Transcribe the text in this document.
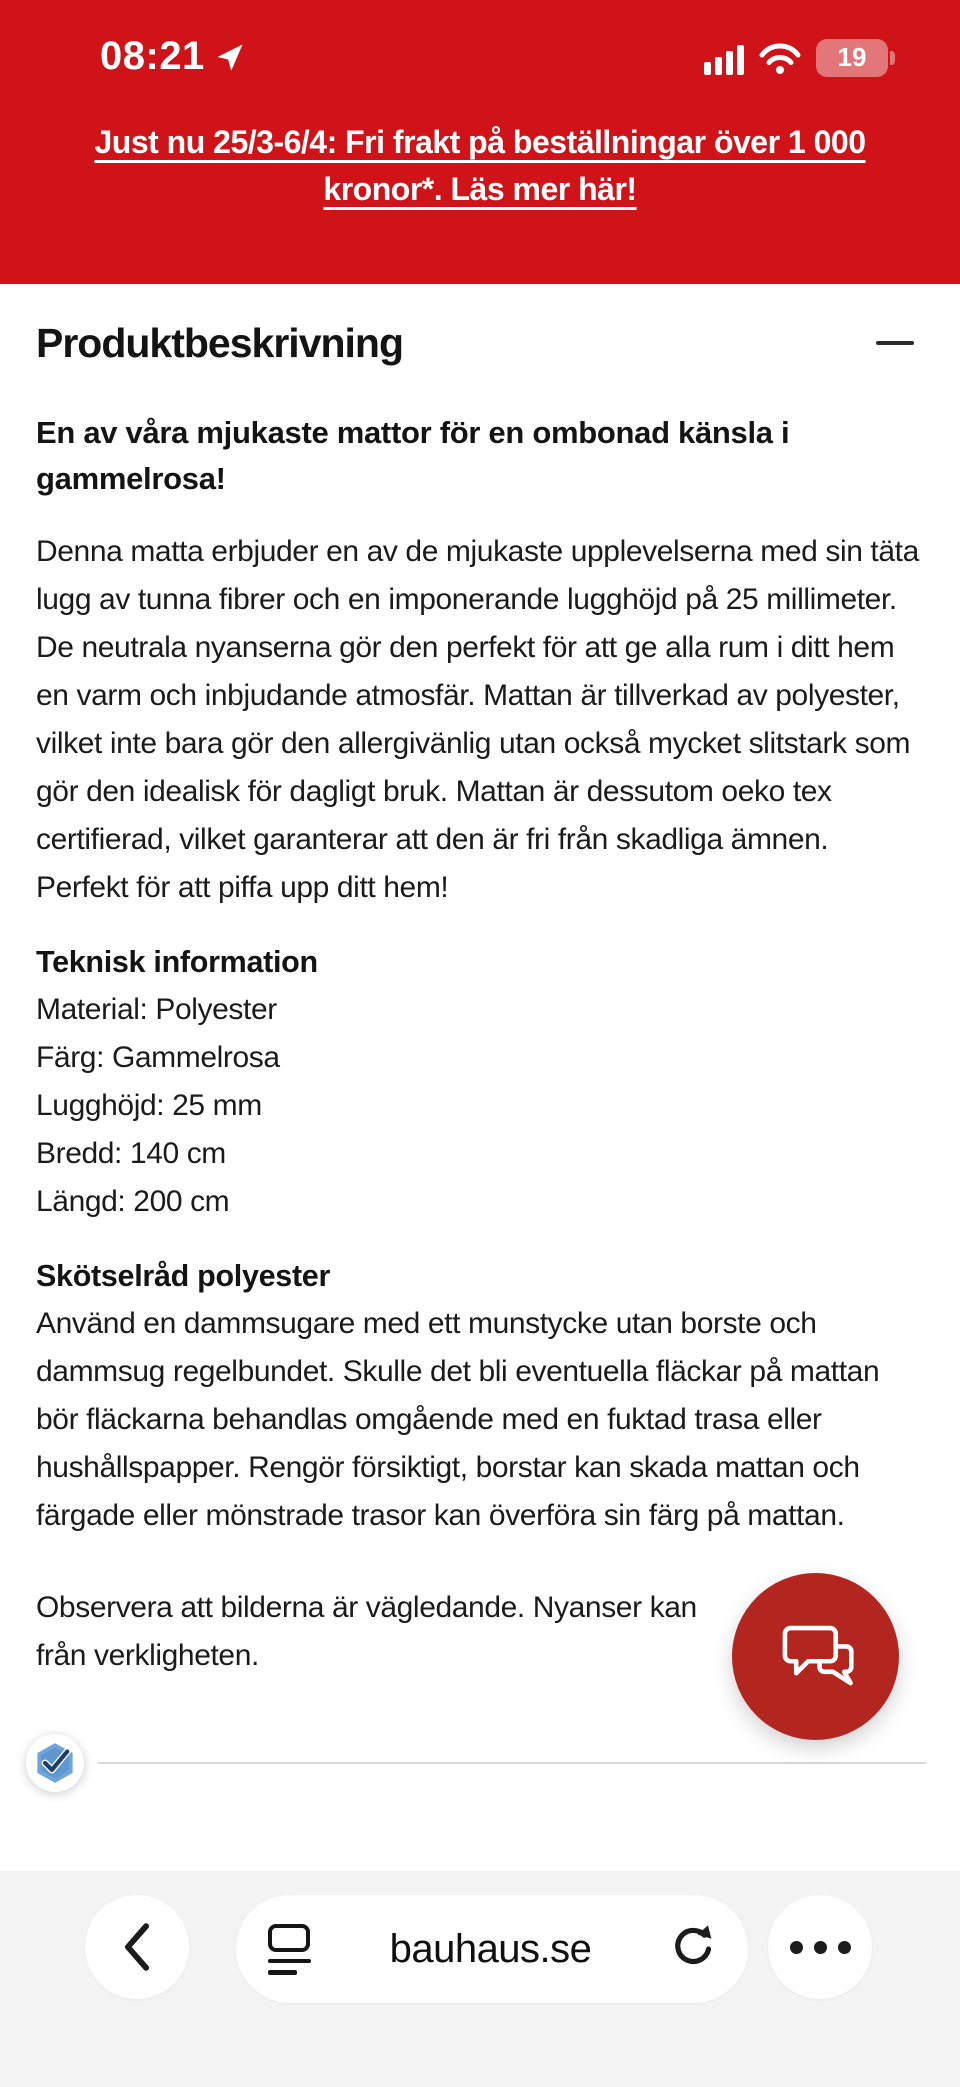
08:21	19
Just nu 25/3-6/4: Fri frakt på beställningar över 1 000
kronor*. Läs mer här!
Produktbeskrivning

En av våra mjukaste mattor för en ombonad känsla i gammelrosa!

Denna matta erbjuder en av de mjukaste upplevelserna med sin täta lugg av tunna fibrer och en imponerande lugghöjd på 25 millimeter. De neutrala nyanserna gör den perfekt för att ge alla rum i ditt hem en varm och inbjudande atmosfär. Mattan är tillverkad av polyester, vilket inte bara gör den allergivänlig utan också mycket slitstark som gör den idealisk för dagligt bruk. Mattan är dessutom oeko tex certifierad, vilket garanterar att den är fri från skadliga ämnen. Perfekt för att piffa upp ditt hem!

Teknisk information
Material: Polyester
Färg: Gammelrosa
Lugghöjd: 25 mm
Bredd: 140 cm
Längd: 200 cm
Skötselråd polyester

Använd en dammsugare med ett munstycke utan borste och dammsug regelbundet. Skulle det bli eventuella fläckar på mattan bör fläckarna behandlas omgående med en fuktad trasa eller hushållspapper. Rengör försiktigt, borstar kan skada mattan och färgade eller mönstrade trasor kan överföra sin färg på mattan.

Observera att bilderna är vägledande. Nyanser kan
från verkligheten.
bauhaus.se
